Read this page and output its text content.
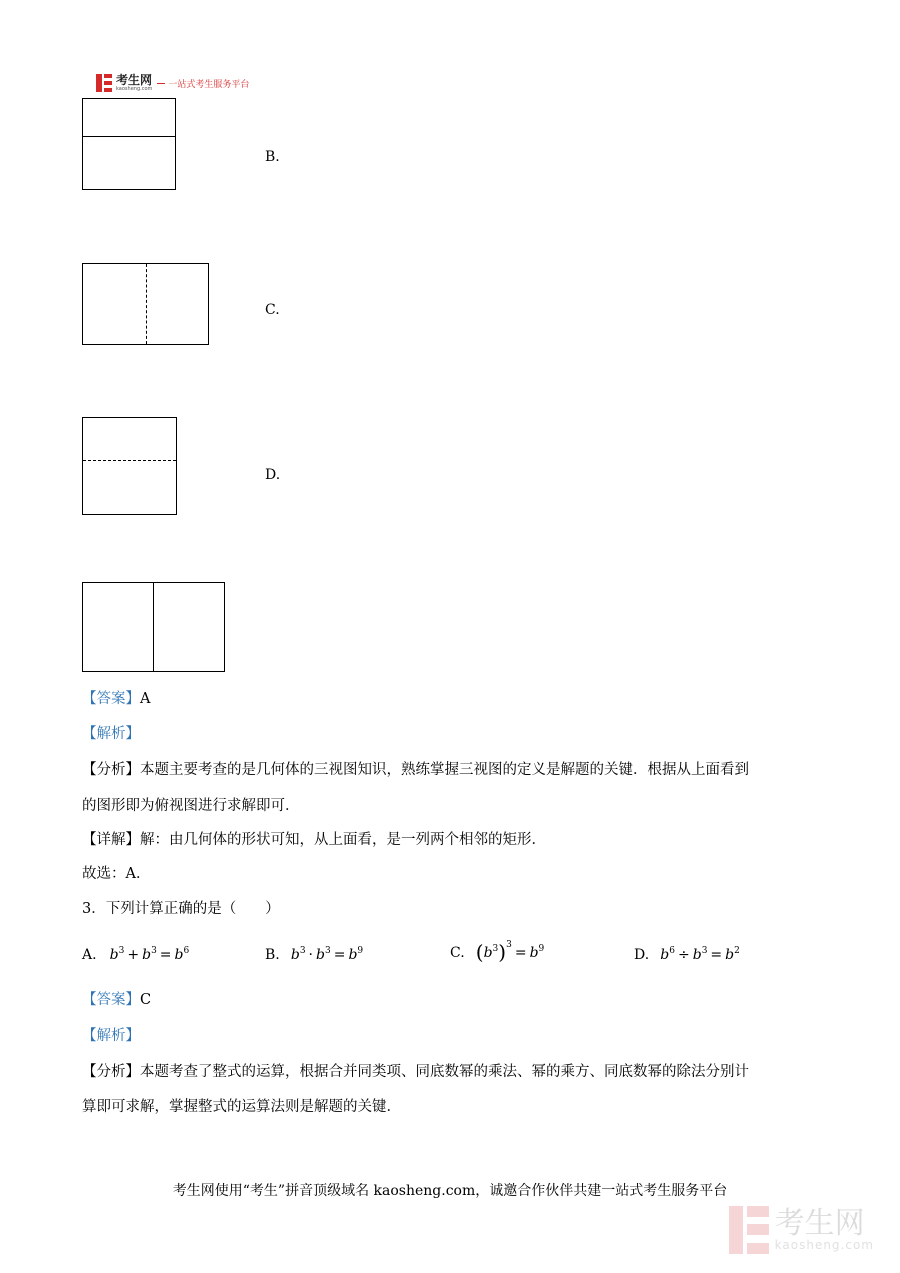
考生网
kaosheng.com 一站式考生服务平台
B.
C.
D.
【答案】A
【解析】
【分析】本题主要考查的是几何体的三视图知识，熟练掌握三视图的定义是解题的关键．根据从上面看到
的图形即为俯视图进行求解即可．
【详解】解：由几何体的形状可知，从上面看，是一列两个相邻的矩形．
故选：A．
3．下列计算正确的是（　　）
A. $b^3 + b^3 = b^6$	B. $b^3 \cdot b^3 = b^9$	C. $(b^3)^3 = b^9$	D. $b^6 \div b^3 = b^2$
【答案】C
【解析】
【分析】本题考查了整式的运算，根据合并同类项、同底数幂的乘法、幂的乘方、同底数幂的除法分别计
算即可求解，掌握整式的运算法则是解题的关键．
考生网使用“考生”拼音顶级域名 kaosheng.com，诚邀合作伙伴共建一站式考生服务平台
考生网
kaosheng.com
